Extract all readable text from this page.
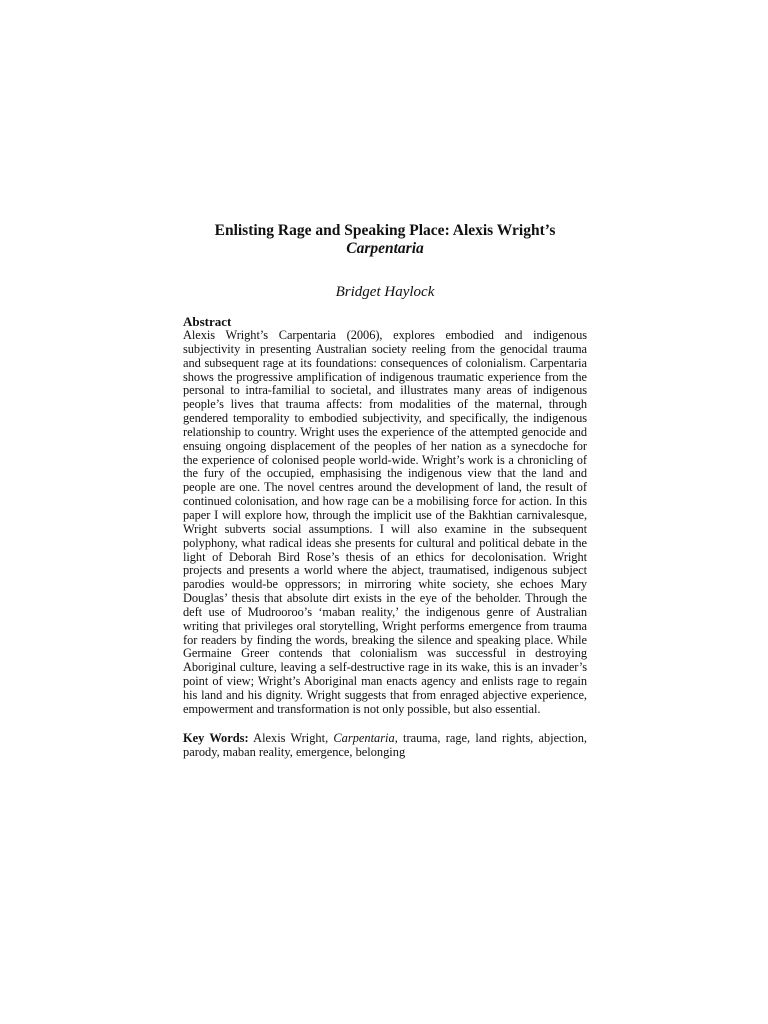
Enlisting Rage and Speaking Place: Alexis Wright’s
Carpentaria
Bridget Haylock
Abstract

Alexis Wright’s Carpentaria (2006), explores embodied and indigenous subjectivity in presenting Australian society reeling from the genocidal trauma and subsequent rage at its foundations: consequences of colonialism. Carpentaria shows the progressive amplification of indigenous traumatic experience from the personal to intra-familial to societal, and illustrates many areas of indigenous people’s lives that trauma affects: from modalities of the maternal, through gendered temporality to embodied subjectivity, and specifically, the indigenous relationship to country. Wright uses the experience of the attempted genocide and ensuing ongoing displacement of the peoples of her nation as a synecdoche for the experience of colonised people world-wide. Wright’s work is a chronicling of the fury of the occupied, emphasising the indigenous view that the land and people are one. The novel centres around the development of land, the result of continued colonisation, and how rage can be a mobilising force for action. In this paper I will explore how, through the implicit use of the Bakhtian carnivalesque, Wright subverts social assumptions. I will also examine in the subsequent polyphony, what radical ideas she presents for cultural and political debate in the light of Deborah Bird Rose’s thesis of an ethics for decolonisation. Wright projects and presents a world where the abject, traumatised, indigenous subject parodies would-be oppressors; in mirroring white society, she echoes Mary Douglas’ thesis that absolute dirt exists in the eye of the beholder. Through the deft use of Mudrooroo’s ‘maban reality,’ the indigenous genre of Australian writing that privileges oral storytelling, Wright performs emergence from trauma for readers by finding the words, breaking the silence and speaking place. While Germaine Greer contends that colonialism was successful in destroying Aboriginal culture, leaving a self-destructive rage in its wake, this is an invader’s point of view; Wright’s Aboriginal man enacts agency and enlists rage to regain his land and his dignity. Wright suggests that from enraged abjective experience, empowerment and transformation is not only possible, but also essential.

Key Words: Alexis Wright, Carpentaria, trauma, rage, land rights, abjection, parody, maban reality, emergence, belonging
